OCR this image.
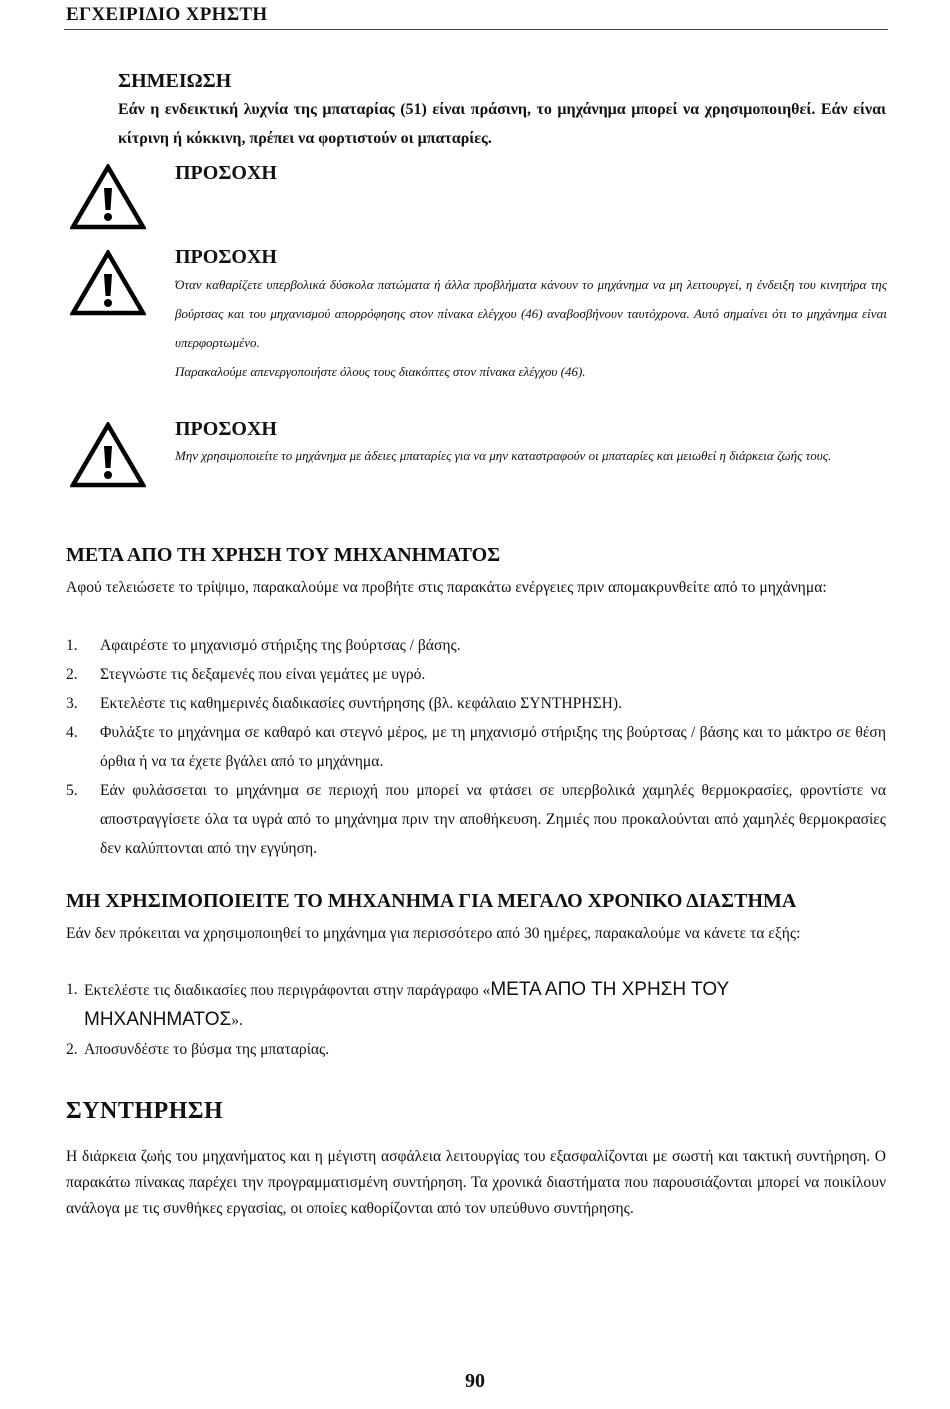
ΕΓΧΕΙΡΙΔΙΟ ΧΡΗΣΤΗ
ΣΗΜΕΙΩΣΗ
Εάν η ενδεικτική λυχνία της μπαταρίας (51) είναι πράσινη, το μηχάνημα μπορεί να χρησιμοποιηθεί. Εάν είναι κίτρινη ή κόκκινη, πρέπει να φορτιστούν οι μπαταρίες.
ΠΡΟΣΟΧΗ
ΠΡΟΣΟΧΗ
Όταν καθαρίζετε υπερβολικά δύσκολα πατώματα ή άλλα προβλήματα κάνουν το μηχάνημα να μη λειτουργεί, η ένδειξη του κινητήρα της βούρτσας και του μηχανισμού απορρόφησης στον πίνακα ελέγχου (46) αναβοσβήνουν ταυτόχρονα. Αυτό σημαίνει ότι το μηχάνημα είναι υπερφορτωμένο.
Παρακαλούμε απενεργοποιήστε όλους τους διακόπτες στον πίνακα ελέγχου (46).
ΠΡΟΣΟΧΗ
Μην χρησιμοποιείτε το μηχάνημα με άδειες μπαταρίες για να μην καταστραφούν οι μπαταρίες και μειωθεί η διάρκεια ζωής τους.
ΜΕΤΑ ΑΠΟ ΤΗ ΧΡΗΣΗ ΤΟΥ ΜΗΧΑΝΗΜΑΤΟΣ
Αφού τελειώσετε το τρίψιμο, παρακαλούμε να προβήτε στις παρακάτω ενέργειες πριν απομακρυνθείτε από το μηχάνημα:
1. Αφαιρέστε το μηχανισμό στήριξης της βούρτσας / βάσης.
2. Στεγνώστε τις δεξαμενές που είναι γεμάτες με υγρό.
3. Εκτελέστε τις καθημερινές διαδικασίες συντήρησης (βλ. κεφάλαιο ΣΥΝΤΗΡΗΣΗ).
4. Φυλάξτε το μηχάνημα σε καθαρό και στεγνό μέρος, με τη μηχανισμό στήριξης της βούρτσας / βάσης και το μάκτρο σε θέση όρθια ή να τα έχετε βγάλει από το μηχάνημα.
5. Εάν φυλάσσεται το μηχάνημα σε περιοχή που μπορεί να φτάσει σε υπερβολικά χαμηλές θερμοκρασίες, φροντίστε να αποστραγγίσετε όλα τα υγρά από το μηχάνημα πριν την αποθήκευση. Ζημιές που προκαλούνται από χαμηλές θερμοκρασίες δεν καλύπτονται από την εγγύηση.
ΜΗ ΧΡΗΣΙΜΟΠΟΙΕΙΤΕ ΤΟ ΜΗΧΑΝΗΜΑ ΓΙΑ ΜΕΓΑΛΟ ΧΡΟΝΙΚΟ ΔΙΑΣΤΗΜΑ
Εάν δεν πρόκειται να χρησιμοποιηθεί το μηχάνημα για περισσότερο από 30 ημέρες, παρακαλούμε να κάνετε τα εξής:
1. Εκτελέστε τις διαδικασίες που περιγράφονται στην παράγραφο «ΜΕΤΑ ΑΠΟ ΤΗ ΧΡΗΣΗ ΤΟΥ ΜΗΧΑΝΗΜΑΤΟΣ».
2. Αποσυνδέστε το βύσμα της μπαταρίας.
ΣΥΝΤΗΡΗΣΗ
Η διάρκεια ζωής του μηχανήματος και η μέγιστη ασφάλεια λειτουργίας του εξασφαλίζονται με σωστή και τακτική συντήρηση. Ο παρακάτω πίνακας παρέχει την προγραμματισμένη συντήρηση. Τα χρονικά διαστήματα που παρουσιάζονται μπορεί να ποικίλουν ανάλογα με τις συνθήκες εργασίας, οι οποίες καθορίζονται από τον υπεύθυνο συντήρησης.
90
